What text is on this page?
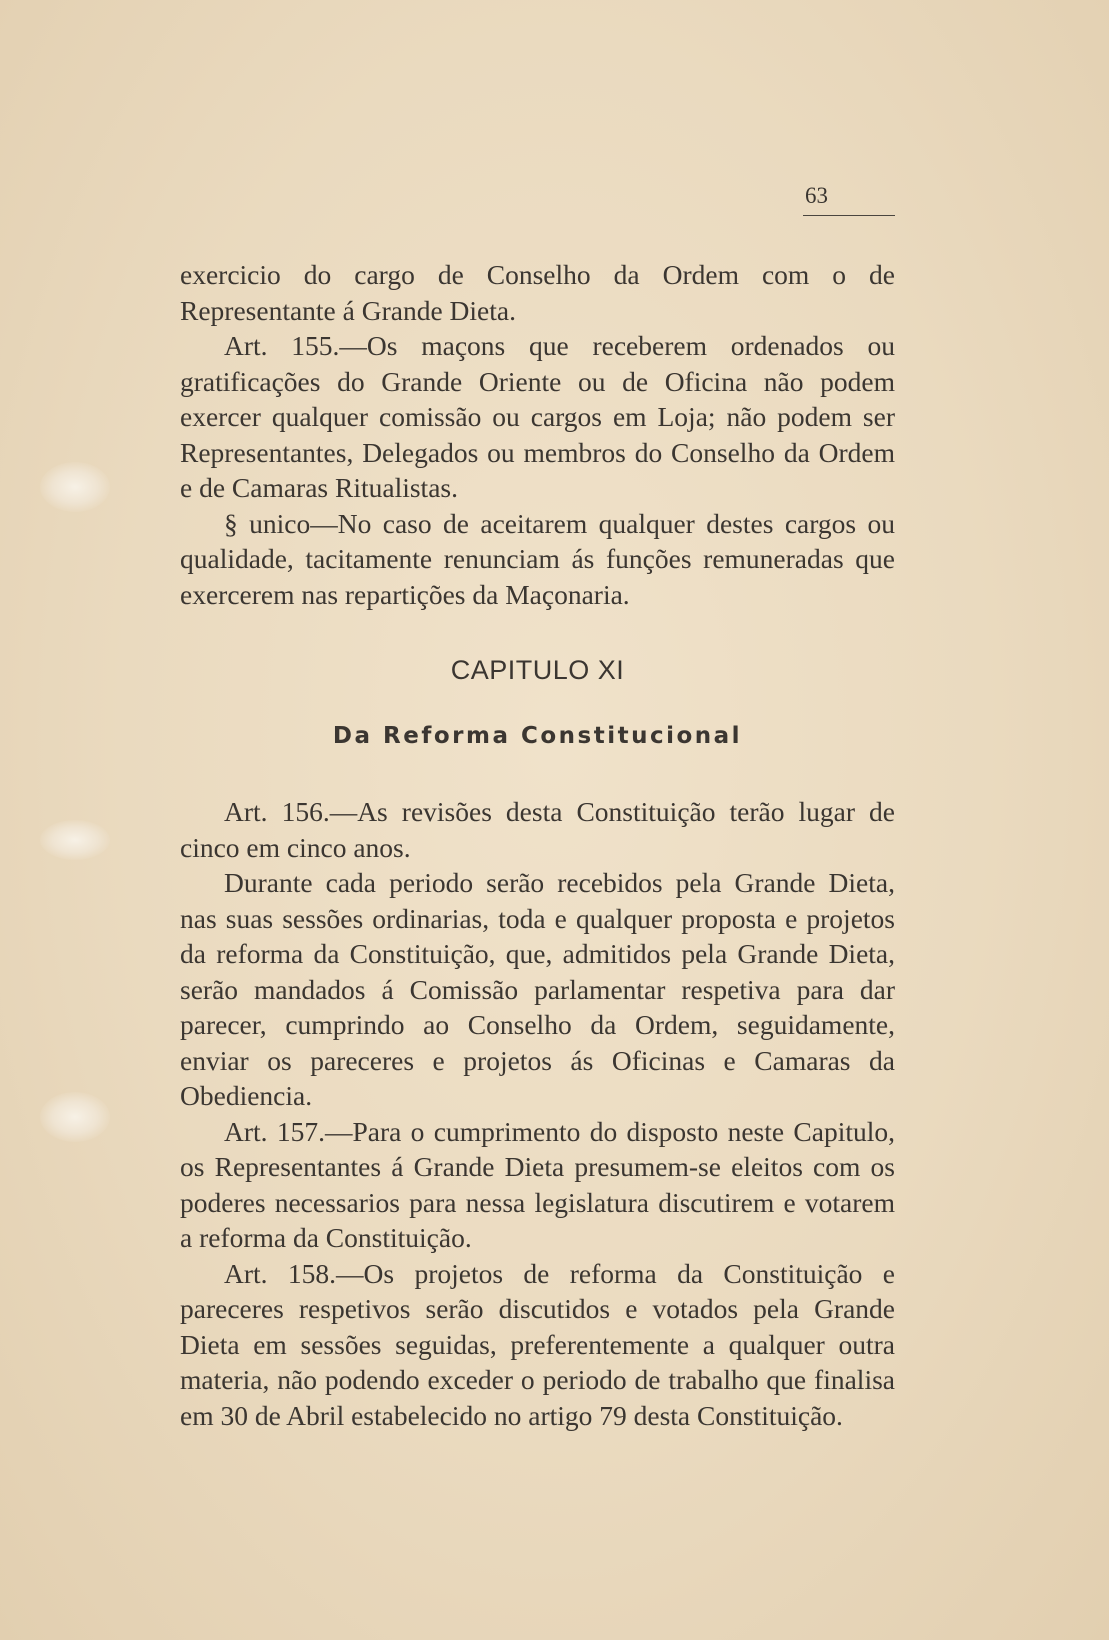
63

exercicio do cargo de Conselho da Ordem com o de Representante á Grande Dieta.

Art. 155.—Os maçons que receberem ordenados ou gratificações do Grande Oriente ou de Oficina não podem exercer qualquer comissão ou cargos em Loja; não podem ser Representantes, Delegados ou membros do Conselho da Ordem e de Camaras Ritualistas.

§ unico—No caso de aceitarem qualquer destes cargos ou qualidade, tacitamente renunciam ás funções remuneradas que exercerem nas repartições da Maçonaria.

CAPITULO XI
Da Reforma Constitucional

Art. 156.—As revisões desta Constituição terão lugar de cinco em cinco anos.

Durante cada periodo serão recebidos pela Grande Dieta, nas suas sessões ordinarias, toda e qualquer proposta e projetos da reforma da Constituição, que, admitidos pela Grande Dieta, serão mandados á Comissão parlamentar respetiva para dar parecer, cumprindo ao Conselho da Ordem, seguidamente, enviar os pareceres e projetos ás Oficinas e Camaras da Obediencia.

Art. 157.—Para o cumprimento do disposto neste Capitulo, os Representantes á Grande Dieta presumem-se eleitos com os poderes necessarios para nessa legislatura discutirem e votarem a reforma da Constituição.

Art. 158.—Os projetos de reforma da Constituição e pareceres respetivos serão discutidos e votados pela Grande Dieta em sessões seguidas, preferentemente a qualquer outra materia, não podendo exceder o periodo de trabalho que finalisa em 30 de Abril estabelecido no artigo 79 desta Constituição.
